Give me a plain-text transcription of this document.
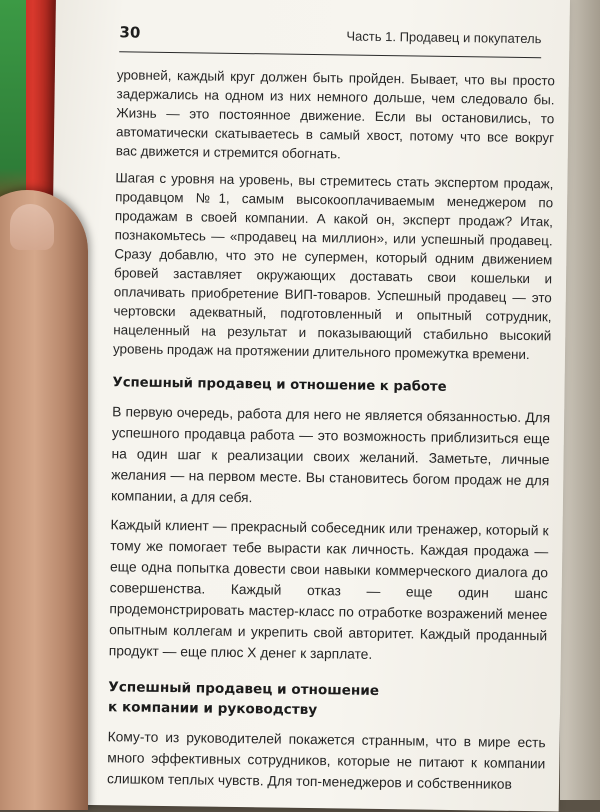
30	Часть 1. Продавец и покупатель

уровней, каждый круг должен быть пройден. Бывает, что вы просто задержались на одном из них немного дольше, чем следовало бы. Жизнь — это постоянное движение. Если вы остановились, то автоматически скатываетесь в самый хвост, потому что все вокруг вас движется и стремится обогнать.

Шагая с уровня на уровень, вы стремитесь стать экспертом продаж, продавцом №1, самым высокооплачиваемым менеджером по продажам в своей компании. А какой он, эксперт продаж? Итак, познакомьтесь — «продавец на миллион», или успешный продавец. Сразу добавлю, что это не супермен, который одним движением бровей заставляет окружающих доставать свои кошельки и оплачивать приобретение ВИП-товаров. Успешный продавец — это чертовски адекватный, подготовленный и опытный сотрудник, нацеленный на результат и показывающий стабильно высокий уровень продаж на протяжении длительного промежутка времени.

Успешный продавец и отношение к работе

В первую очередь, работа для него не является обязанностью. Для успешного продавца работа — это возможность приблизиться еще на один шаг к реализации своих желаний. Заметьте, личные желания — на первом месте. Вы становитесь богом продаж не для компании, а для себя.

Каждый клиент — прекрасный собеседник или тренажер, который к тому же помогает тебе вырасти как личность. Каждая продажа — еще одна попытка довести свои навыки коммерческого диалога до совершенства. Каждый отказ — еще один шанс продемонстрировать мастер-класс по отработке возражений менее опытным коллегам и укрепить свой авторитет. Каждый проданный продукт — еще плюс X денег к зарплате.

Успешный продавец и отношение
к компании и руководству

Кому-то из руководителей покажется странным, что в мире есть много эффективных сотрудников, которые не питают к компании слишком теплых чувств. Для топ-менеджеров и собственников
